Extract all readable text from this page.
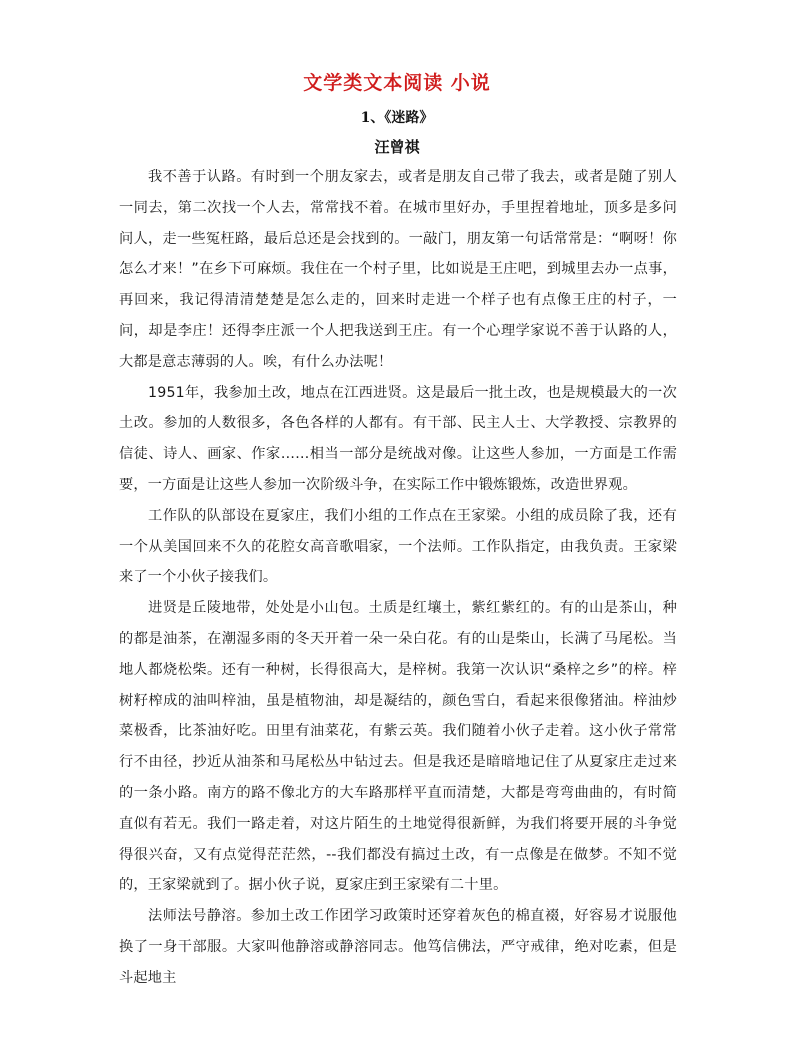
文学类文本阅读 小说
1、《迷路》
汪曾祺

我不善于认路。有时到一个朋友家去，或者是朋友自己带了我去，或者是随了别人一同去，第二次找一个人去，常常找不着。在城市里好办，手里捏着地址，顶多是多问问人，走一些冤枉路，最后总还是会找到的。一敲门，朋友第一句话常常是：“啊呀！你怎么才来！”在乡下可麻烦。我住在一个村子里，比如说是王庄吧，到城里去办一点事，再回来，我记得清清楚楚是怎么走的，回来时走进一个样子也有点像王庄的村子，一问，却是李庄！还得李庄派一个人把我送到王庄。有一个心理学家说不善于认路的人，大都是意志薄弱的人。唉，有什么办法呢！

1951年，我参加土改，地点在江西进贤。这是最后一批土改，也是规模最大的一次土改。参加的人数很多，各色各样的人都有。有干部、民主人士、大学教授、宗教界的信徒、诗人、画家、作家……相当一部分是统战对像。让这些人参加，一方面是工作需要，一方面是让这些人参加一次阶级斗争，在实际工作中锻炼锻炼，改造世界观。

工作队的队部设在夏家庄，我们小组的工作点在王家梁。小组的成员除了我，还有一个从美国回来不久的花腔女高音歌唱家，一个法师。工作队指定，由我负责。王家梁来了一个小伙子接我们。

进贤是丘陵地带，处处是小山包。土质是红壤土，紫红紫红的。有的山是茶山，种的都是油茶，在潮湿多雨的冬天开着一朵一朵白花。有的山是柴山，长满了马尾松。当地人都烧松柴。还有一种树，长得很高大，是梓树。我第一次认识“桑梓之乡”的梓。梓树籽榨成的油叫梓油，虽是植物油，却是凝结的，颜色雪白，看起来很像猪油。梓油炒菜极香，比茶油好吃。田里有油菜花，有紫云英。我们随着小伙子走着。这小伙子常常行不由径，抄近从油茶和马尾松丛中钻过去。但是我还是暗暗地记住了从夏家庄走过来的一条小路。南方的路不像北方的大车路那样平直而清楚，大都是弯弯曲曲的，有时简直似有若无。我们一路走着，对这片陌生的土地觉得很新鲜，为我们将要开展的斗争觉得很兴奋，又有点觉得茫茫然，--我们都没有搞过土改，有一点像是在做梦。不知不觉的，王家梁就到了。据小伙子说，夏家庄到王家梁有二十里。

法师法号静溶。参加土改工作团学习政策时还穿着灰色的棉直裰，好容易才说服他换了一身干部服。大家叫他静溶或静溶同志。他笃信佛法，严守戒律，绝对吃素，但是斗起地主
